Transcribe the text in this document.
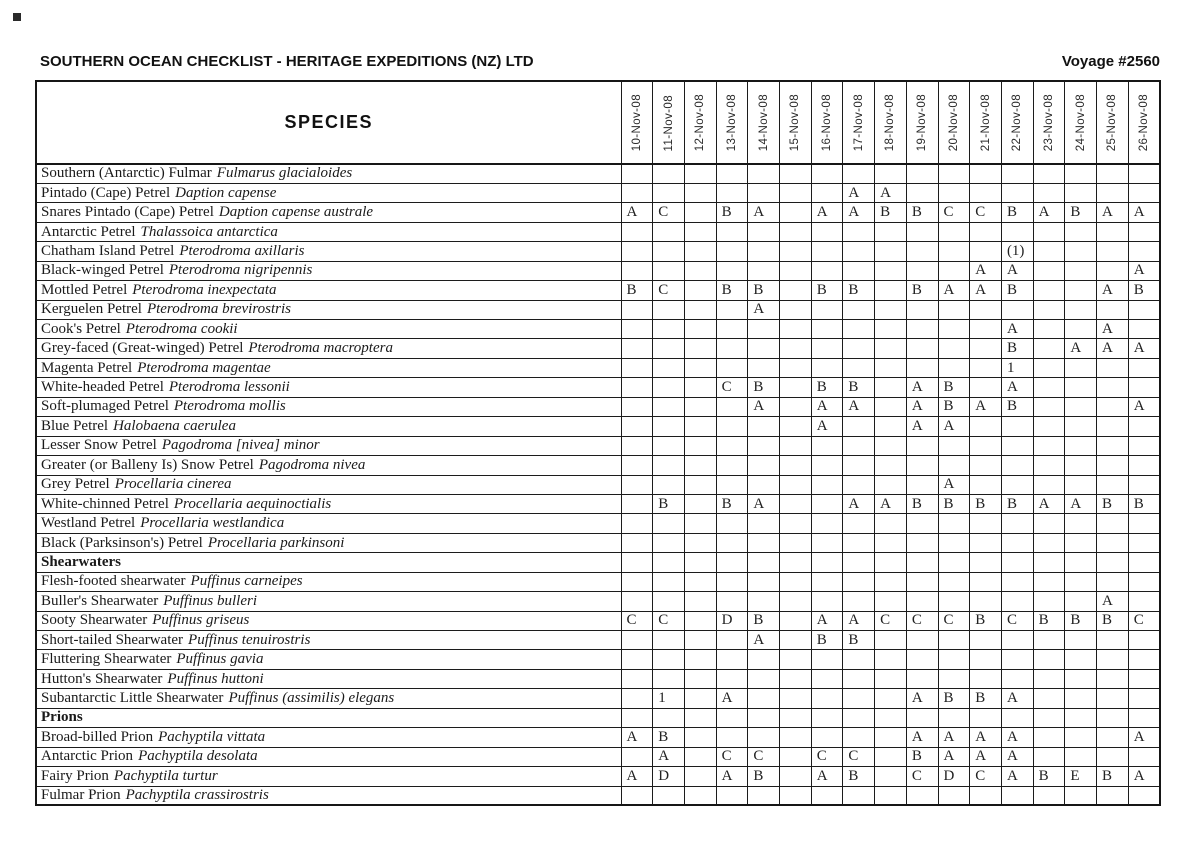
SOUTHERN OCEAN CHECKLIST - HERITAGE EXPEDITIONS (NZ) LTD	Voyage #2560
SPECIES	10-Nov-08	11-Nov-08	12-Nov-08	13-Nov-08	14-Nov-08	15-Nov-08	16-Nov-08	17-Nov-08	18-Nov-08	19-Nov-08	20-Nov-08	21-Nov-08	22-Nov-08	23-Nov-08	24-Nov-08	25-Nov-08	26-Nov-08
Southern (Antarctic) Fulmar Fulmarus glacialoides																	
Pintado (Cape) Petrel Daption capense								A	A								
Snares Pintado (Cape) Petrel Daption capense australe	A	C		B	A		A	A	B	B	C	C	B	A	B	A	A
Antarctic Petrel Thalassoica antarctica																	
Chatham Island Petrel Pterodroma axillaris													(1)				
Black-winged Petrel Pterodroma nigripennis												A	A				A
Mottled Petrel Pterodroma inexpectata	B	C		B	B		B	B		B	A	A	B			A	B
Kerguelen Petrel Pterodroma brevirostris					A												
Cook's Petrel Pterodroma cookii													A			A	
Grey-faced (Great-winged) Petrel Pterodroma macroptera													B		A	A	A
Magenta Petrel Pterodroma magentae													1				
White-headed Petrel Pterodroma lessonii				C	B		B	B		A	B		A				
Soft-plumaged Petrel Pterodroma mollis					A		A	A		A	B	A	B				A
Blue Petrel Halobaena caerulea							A			A	A						
Lesser Snow Petrel Pagodroma [nivea] minor																	
Greater (or Balleny Is) Snow Petrel Pagodroma nivea																	
Grey Petrel Procellaria cinerea											A						
White-chinned Petrel Procellaria aequinoctialis		B		B	A			A	A	B	B	B	B	A	A	B	B
Westland Petrel Procellaria westlandica																	
Black (Parksinson's) Petrel Procellaria parkinsoni																	
Shearwaters																	
Flesh-footed shearwater Puffinus carneipes																	
Buller's Shearwater Puffinus bulleri																A	
Sooty Shearwater Puffinus griseus	C	C		D	B		A	A	C	C	C	B	C	B	B	B	C
Short-tailed Shearwater Puffinus tenuirostris					A		B	B									
Fluttering Shearwater Puffinus gavia																	
Hutton's Shearwater Puffinus huttoni																	
Subantarctic Little Shearwater Puffinus (assimilis) elegans		1		A						A	B	B	A				
Prions																	
Broad-billed Prion Pachyptila vittata	A	B								A	A	A	A				A
Antarctic Prion Pachyptila desolata		A		C	C		C	C		B	A	A	A				
Fairy Prion Pachyptila turtur	A	D		A	B		A	B		C	D	C	A	B	E	B	A
Fulmar Prion Pachyptila crassirostris																	
